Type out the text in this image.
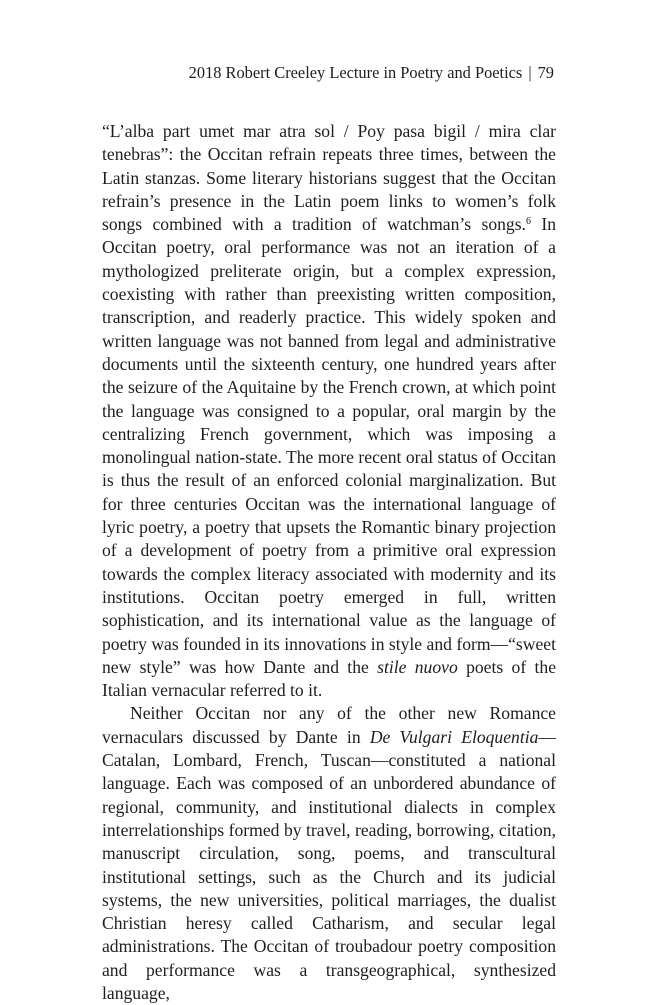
2018 Robert Creeley Lecture in Poetry and Poetics | 79

“L’alba part umet mar atra sol / Poy pasa bigil / mira clar tenebras”: the Occitan refrain repeats three times, between the Latin stanzas. Some literary historians suggest that the Occitan refrain’s presence in the Latin poem links to women’s folk songs combined with a tradition of watchman’s songs.$^6$ In Occitan poetry, oral performance was not an iteration of a mythologized preliterate origin, but a complex expression, coexisting with rather than preexisting written composition, transcription, and readerly practice. This widely spoken and written language was not banned from legal and administrative documents until the sixteenth century, one hundred years after the seizure of the Aquitaine by the French crown, at which point the language was consigned to a popular, oral margin by the centralizing French government, which was imposing a monolingual nation-state. The more recent oral status of Occitan is thus the result of an enforced colonial marginalization. But for three centuries Occitan was the international language of lyric poetry, a poetry that upsets the Romantic binary projection of a development of poetry from a primitive oral expression towards the complex literacy associated with modernity and its institutions. Occitan poetry emerged in full, written sophistication, and its international value as the language of poetry was founded in its innovations in style and form—“sweet new style” was how Dante and the stile nuovo poets of the Italian vernacular referred to it.

Neither Occitan nor any of the other new Romance vernaculars discussed by Dante in De Vulgari Eloquentia—Catalan, Lombard, French, Tuscan—constituted a national language. Each was composed of an unbordered abundance of regional, community, and institutional dialects in complex interrelationships formed by travel, reading, borrowing, citation, manuscript circulation, song, poems, and transcultural institutional settings, such as the Church and its judicial systems, the new universities, political marriages, the dualist Christian heresy called Catharism, and secular legal administrations. The Occitan of troubadour poetry composition and performance was a transgeographical, synthesized language,
